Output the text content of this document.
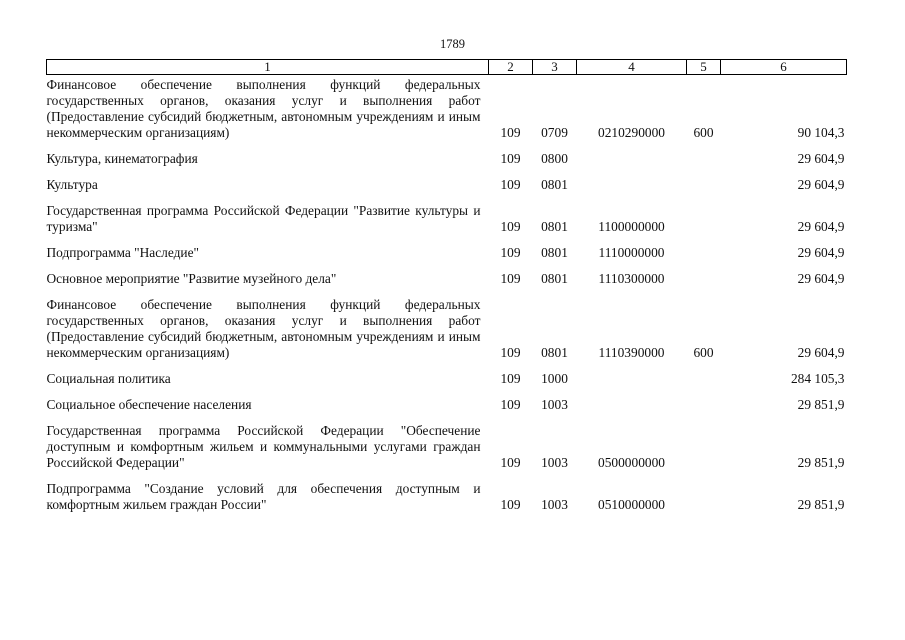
1789
1	2	3	4	5	6
Финансовое обеспечение выполнения функций федеральных государственных органов, оказания услуг и выполнения работ (Предоставление субсидий бюджетным, автономным учреждениям и иным некоммерческим организациям)	109	0709	0210290000	600	90 104,3
Культура, кинематография	109	0800			29 604,9
Культура	109	0801			29 604,9
Государственная программа Российской Федерации "Развитие культуры и туризма"	109	0801	1100000000		29 604,9
Подпрограмма "Наследие"	109	0801	1110000000		29 604,9
Основное мероприятие "Развитие музейного дела"	109	0801	1110300000		29 604,9
Финансовое обеспечение выполнения функций федеральных государственных органов, оказания услуг и выполнения работ (Предоставление субсидий бюджетным, автономным учреждениям и иным некоммерческим организациям)	109	0801	1110390000	600	29 604,9
Социальная политика	109	1000			284 105,3
Социальное обеспечение населения	109	1003			29 851,9
Государственная программа Российской Федерации "Обеспечение доступным и комфортным жильем и коммунальными услугами граждан Российской Федерации"	109	1003	0500000000		29 851,9
Подпрограмма "Создание условий для обеспечения доступным и комфортным жильем граждан России"	109	1003	0510000000		29 851,9
